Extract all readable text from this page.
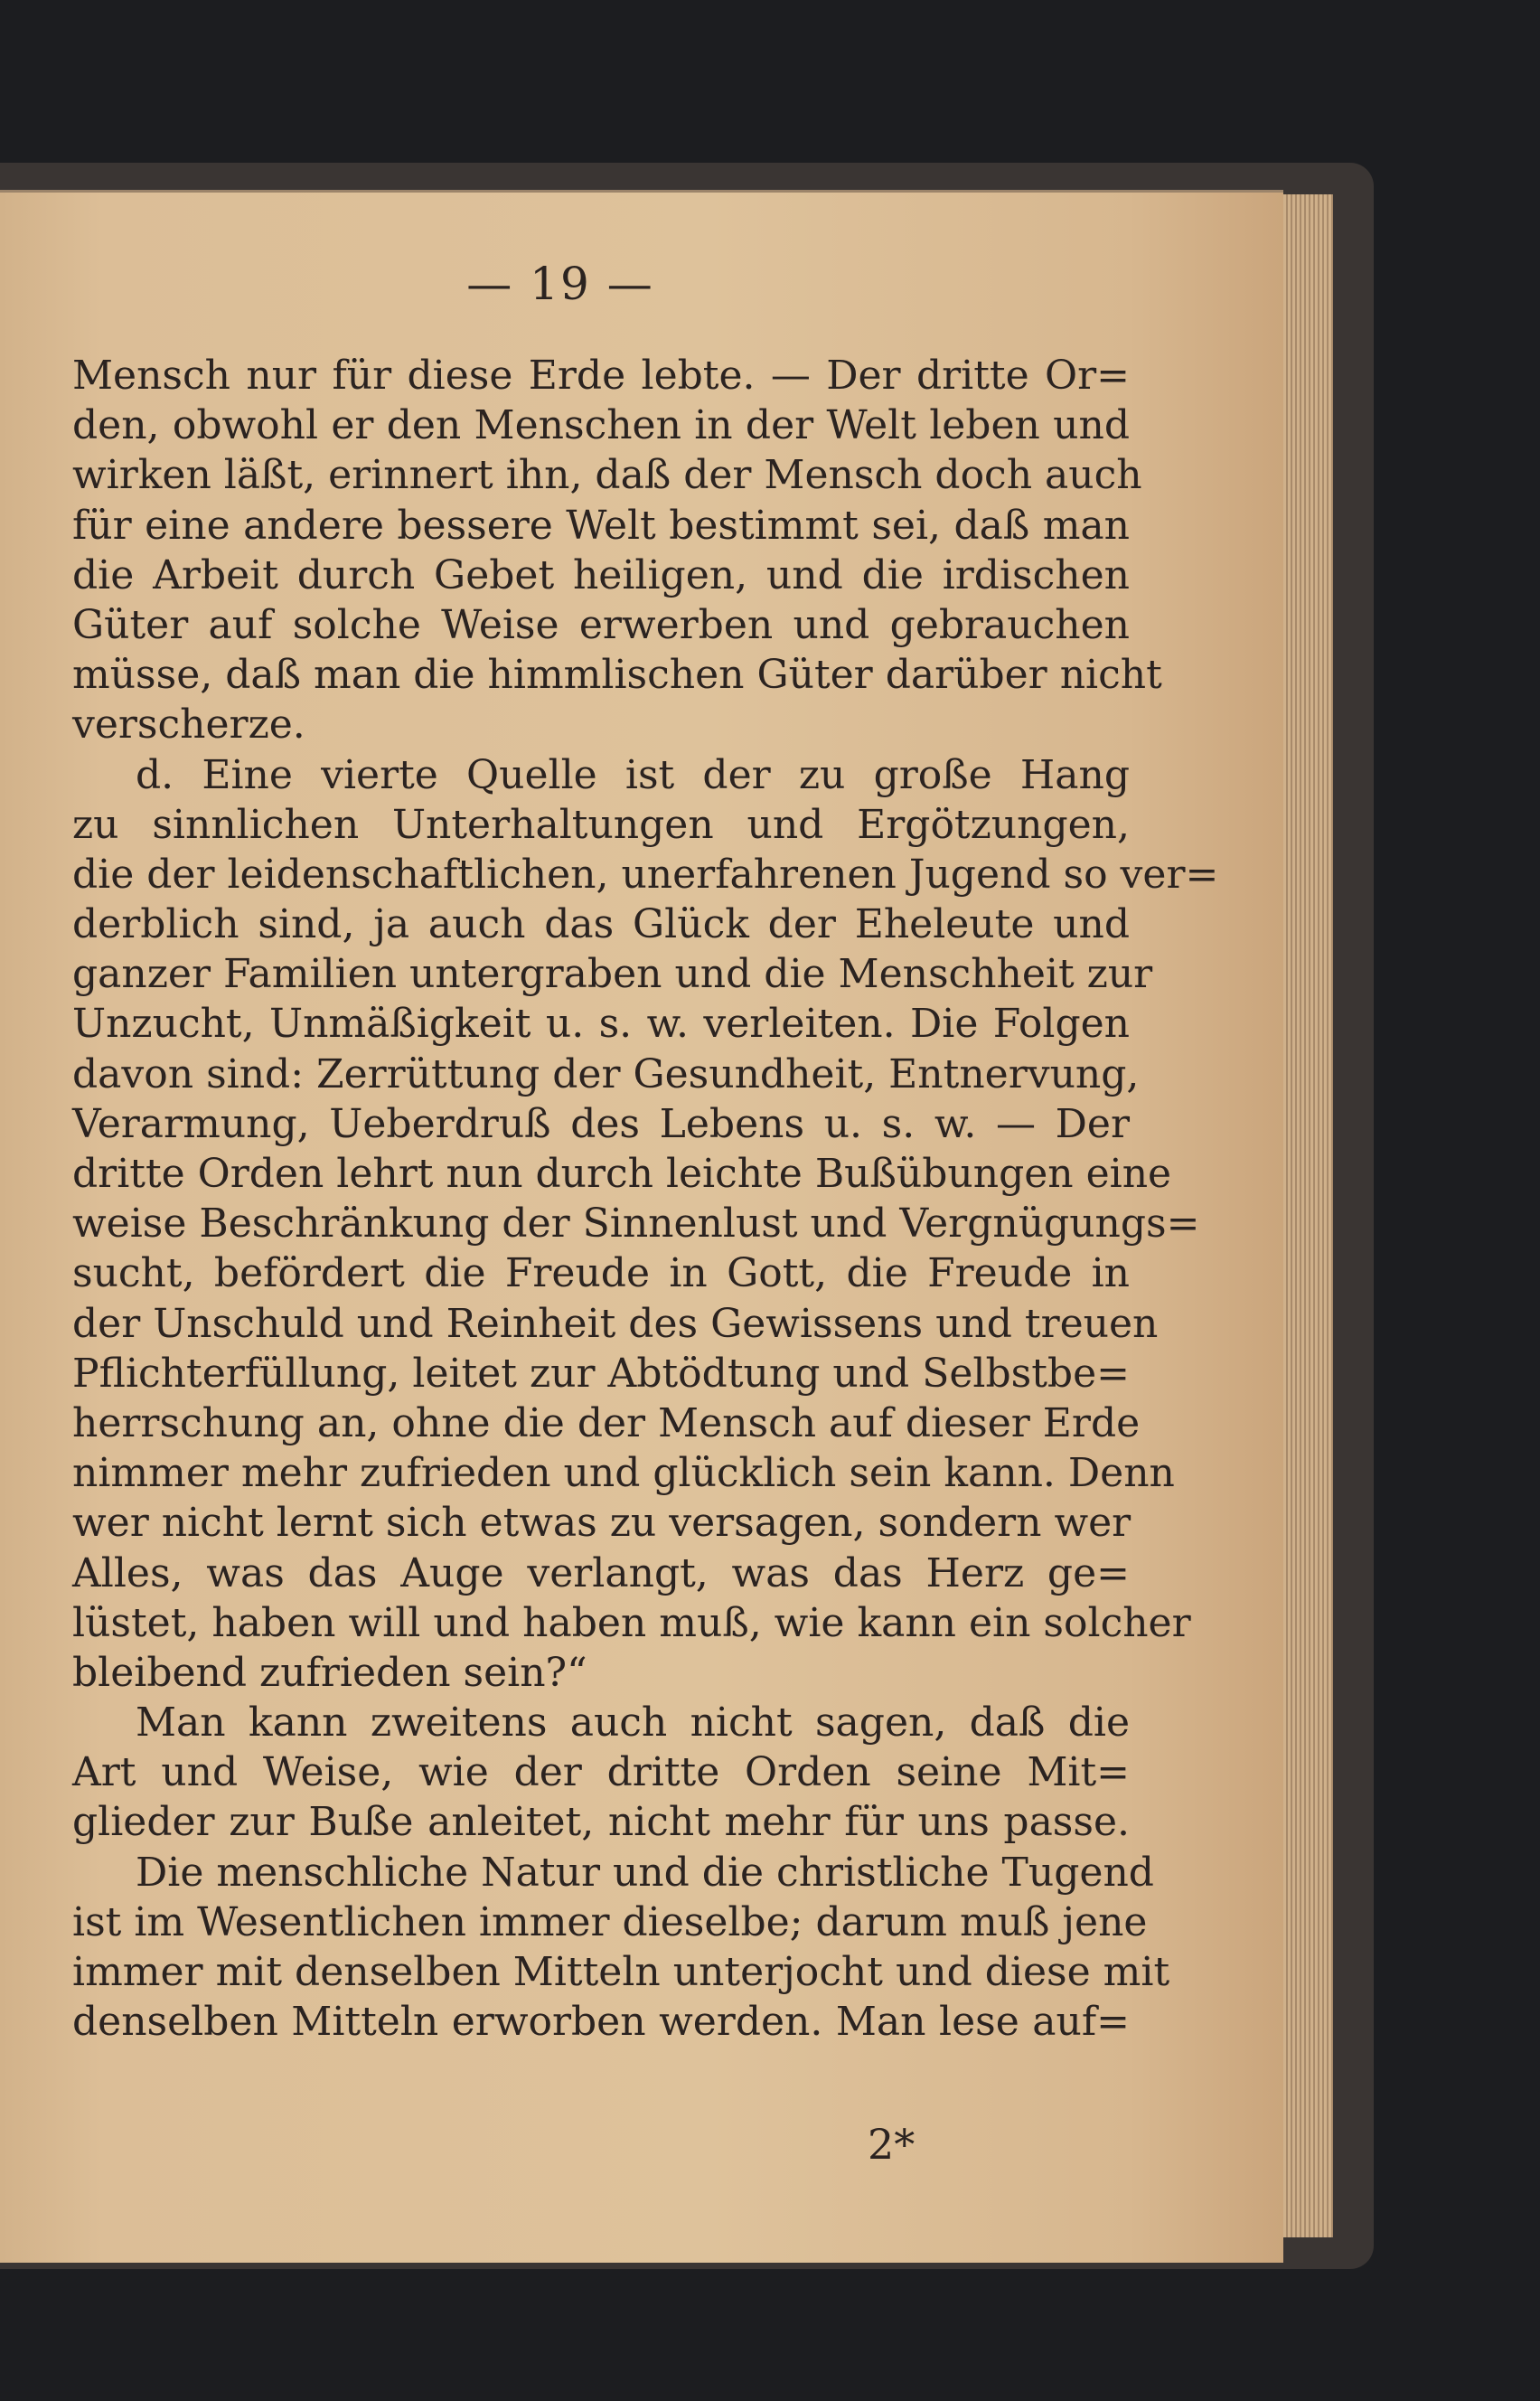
— 19 —
Mensch nur für diese Erde lebte. — Der dritte Or=
den, obwohl er den Menschen in der Welt leben und
wirken läßt, erinnert ihn, daß der Mensch doch auch
für eine andere bessere Welt bestimmt sei, daß man
die Arbeit durch Gebet heiligen, und die irdischen
Güter auf solche Weise erwerben und gebrauchen
müsse, daß man die himmlischen Güter darüber nicht
verscherze.
d. Eine vierte Quelle ist der zu große Hang
zu sinnlichen Unterhaltungen und Ergötzungen,
die der leidenschaftlichen, unerfahrenen Jugend so ver=
derblich sind, ja auch das Glück der Eheleute und
ganzer Familien untergraben und die Menschheit zur
Unzucht, Unmäßigkeit u. s. w. verleiten. Die Folgen
davon sind: Zerrüttung der Gesundheit, Entnervung,
Verarmung, Ueberdruß des Lebens u. s. w. — Der
dritte Orden lehrt nun durch leichte Bußübungen eine
weise Beschränkung der Sinnenlust und Vergnügungs=
sucht, befördert die Freude in Gott, die Freude in
der Unschuld und Reinheit des Gewissens und treuen
Pflichterfüllung, leitet zur Abtödtung und Selbstbe=
herrschung an, ohne die der Mensch auf dieser Erde
nimmer mehr zufrieden und glücklich sein kann. Denn
wer nicht lernt sich etwas zu versagen, sondern wer
Alles, was das Auge verlangt, was das Herz ge=
lüstet, haben will und haben muß, wie kann ein solcher
bleibend zufrieden sein?“
Man kann zweitens auch nicht sagen, daß die
Art und Weise, wie der dritte Orden seine Mit=
glieder zur Buße anleitet, nicht mehr für uns passe.
Die menschliche Natur und die christliche Tugend
ist im Wesentlichen immer dieselbe; darum muß jene
immer mit denselben Mitteln unterjocht und diese mit
denselben Mitteln erworben werden. Man lese auf=
2*
